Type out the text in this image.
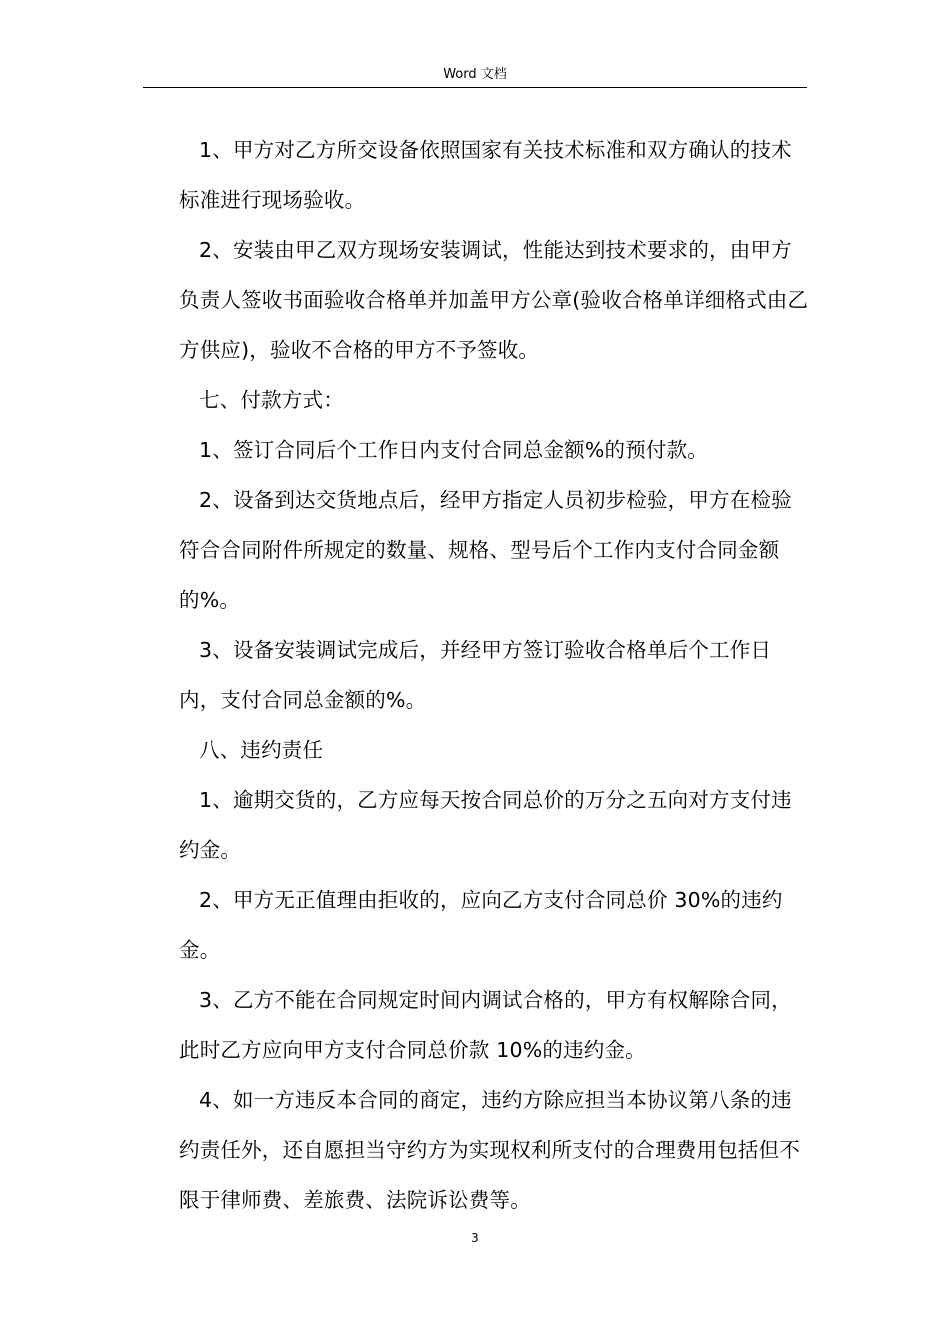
Word 文档

1、甲方对乙方所交设备依照国家有关技术标准和双方确认的技术标准进行现场验收。

2、安装由甲乙双方现场安装调试，性能达到技术要求的，由甲方负责人签收书面验收合格单并加盖甲方公章(验收合格单详细格式由乙方供应)，验收不合格的甲方不予签收。

七、付款方式：

1、签订合同后个工作日内支付合同总金额%的预付款。

2、设备到达交货地点后，经甲方指定人员初步检验，甲方在检验符合合同附件所规定的数量、规格、型号后个工作内支付合同金额的%。

3、设备安装调试完成后，并经甲方签订验收合格单后个工作日内，支付合同总金额的%。

八、违约责任

1、逾期交货的，乙方应每天按合同总价的万分之五向对方支付违约金。

2、甲方无正值理由拒收的，应向乙方支付合同总价 30%的违约金。

3、乙方不能在合同规定时间内调试合格的，甲方有权解除合同，此时乙方应向甲方支付合同总价款 10%的违约金。

4、如一方违反本合同的商定，违约方除应担当本协议第八条的违约责任外，还自愿担当守约方为实现权利所支付的合理费用包括但不限于律师费、差旅费、法院诉讼费等。

3
